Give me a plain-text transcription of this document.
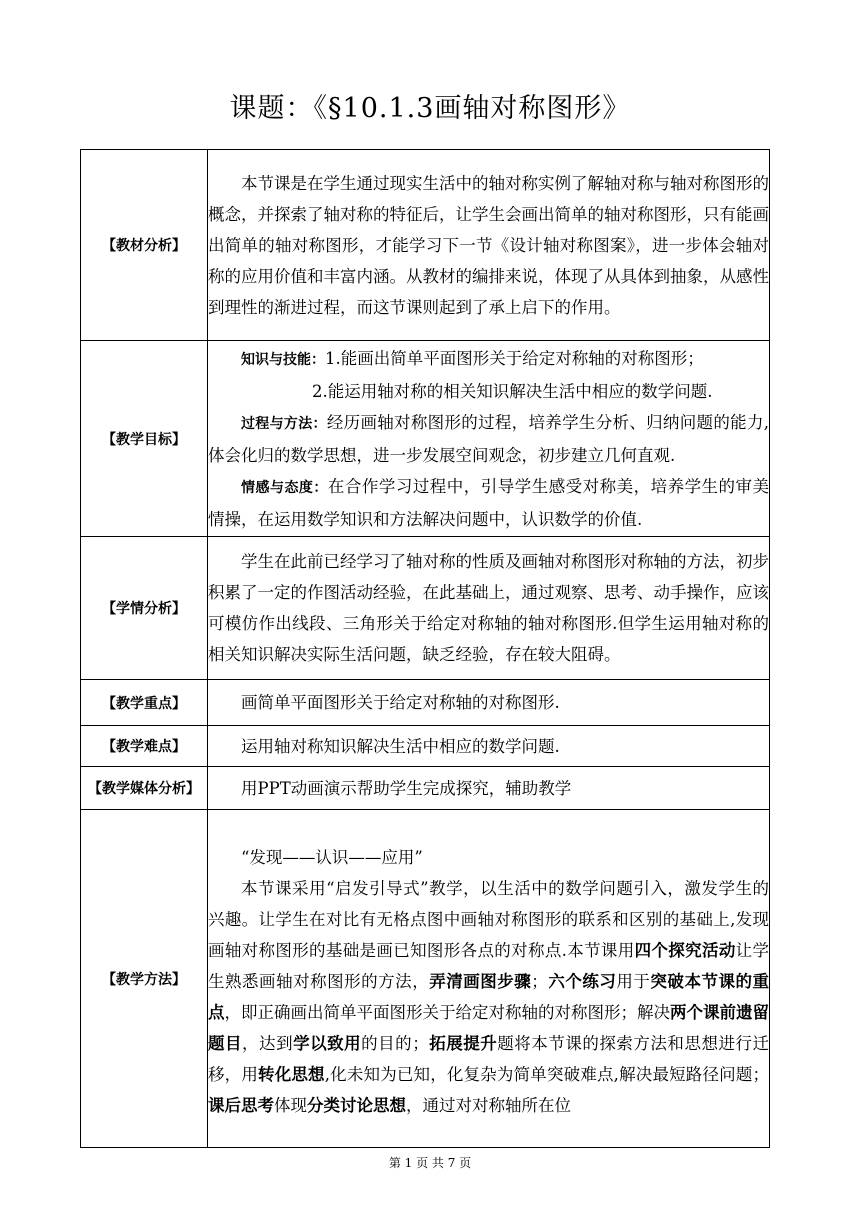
课题：《§10.1.3画轴对称图形》
【教材分析】	本节课是在学生通过现实生活中的轴对称实例了解轴对称与轴对称图形的概念，并探索了轴对称的特征后，让学生会画出简单的轴对称图形，只有能画出简单的轴对称图形，才能学习下一节《设计轴对称图案》，进一步体会轴对称的应用价值和丰富内涵。从教材的编排来说，体现了从具体到抽象，从感性到理性的渐进过程，而这节课则起到了承上启下的作用。

【教学目标】	知识与技能：1.能画出简单平面图形关于给定对称轴的对称图形；

2.能运用轴对称的相关知识解决生活中相应的数学问题.

过程与方法：经历画轴对称图形的过程，培养学生分析、归纳问题的能力,体会化归的数学思想，进一步发展空间观念，初步建立几何直观.

情感与态度：在合作学习过程中，引导学生感受对称美，培养学生的审美情操，在运用数学知识和方法解决问题中，认识数学的价值.

【学情分析】	学生在此前已经学习了轴对称的性质及画轴对称图形对称轴的方法，初步积累了一定的作图活动经验，在此基础上，通过观察、思考、动手操作，应该可模仿作出线段、三角形关于给定对称轴的轴对称图形.但学生运用轴对称的相关知识解决实际生活问题，缺乏经验，存在较大阻碍。

【教学重点】	画简单平面图形关于给定对称轴的对称图形.

【教学难点】	运用轴对称知识解决生活中相应的数学问题.

【教学媒体分析】	用PPT动画演示帮助学生完成探究，辅助教学

【教学方法】	“发现——认识——应用”

本节课采用“启发引导式”教学，以生活中的数学问题引入，激发学生的兴趣。让学生在对比有无格点图中画轴对称图形的联系和区别的基础上,发现画轴对称图形的基础是画已知图形各点的对称点.本节课用四个探究活动让学生熟悉画轴对称图形的方法，弄清画图步骤；六个练习用于突破本节课的重点，即正确画出简单平面图形关于给定对称轴的对称图形；解决两个课前遗留题目，达到学以致用的目的；拓展提升题将本节课的探索方法和思想进行迁移，用转化思想,化未知为已知，化复杂为简单突破难点,解决最短路径问题；课后思考体现分类讨论思想，通过对对称轴所在位

第 1 页 共 7 页
